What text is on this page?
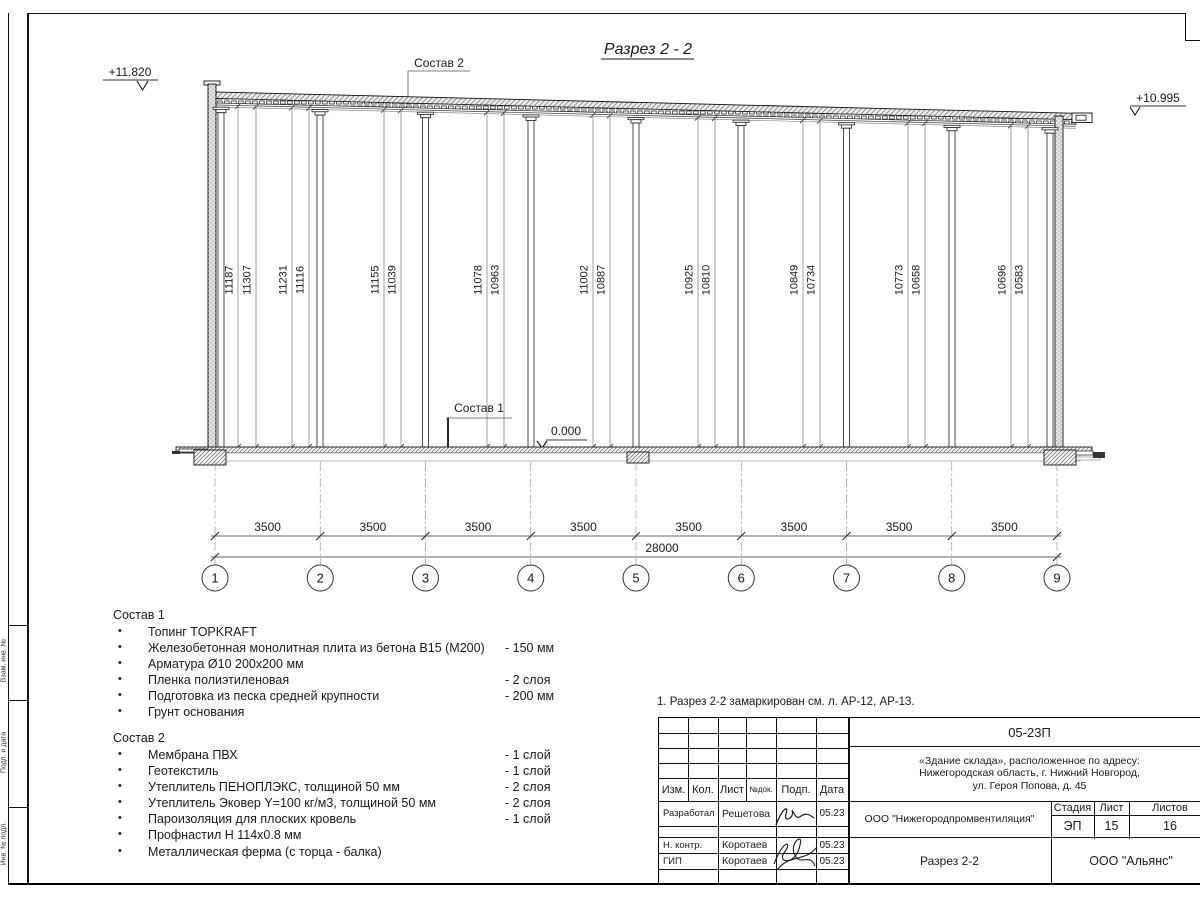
Взам. инв. №
Подп. и дата
Инв. № подл.
Разрез 2 - 2
+11.820
+10.995
0.000
Состав 2
11187 11307 11231 11116	11155 11039	11078 10963	11002 10887	10925 10810	10849 10734	10773 10658	10696 10583
Состав 1
3500	3500	3500	3500	3500	3500	3500	3500
28000
1	2	3	4	5	6	7	8	9
Состав 1
• Топинг TOPKRAFT
• Железобетонная монолитная плита из бетона В15 (М200) - 150 мм
• Арматура Ø10 200х200 мм
• Пленка полиэтиленовая	- 2 слоя
• Подготовка из песка средней крупности	- 200 мм
• Грунт основания
Состав 2
• Мембрана ПВХ	- 1 слой
• Геотекстиль	- 1 слой
• Утеплитель ПЕНОПЛЭКС, толщиной 50 мм	- 2 слоя
• Утеплитель Эковер Y=100 кг/м3, толщиной 50 мм	- 2 слоя
• Пароизоляция для плоских кровель	- 1 слой
• Профнастил Н 114х0.8 мм
• Металлическая ферма (с торца - балка)
1. Разрез 2-2 замаркирован см. л. АР-12, АР-13.
Изм. Кол. Лист №док. Подп. Дата
Разработал Решетова	05.23
Н. контр.	Коротаев	05.23
ГИП	Коротаев	05.23
05-23П
«Здание склада», расположенное по адресу:
Нижегородская область, г. Нижний Новгород,
ул. Героя Попова, д. 45
ООО "Нижегородпромвентиляция"
Стадия Лист	Листов
ЭП	15	16
Разрез 2-2	ООО "Альянс"
